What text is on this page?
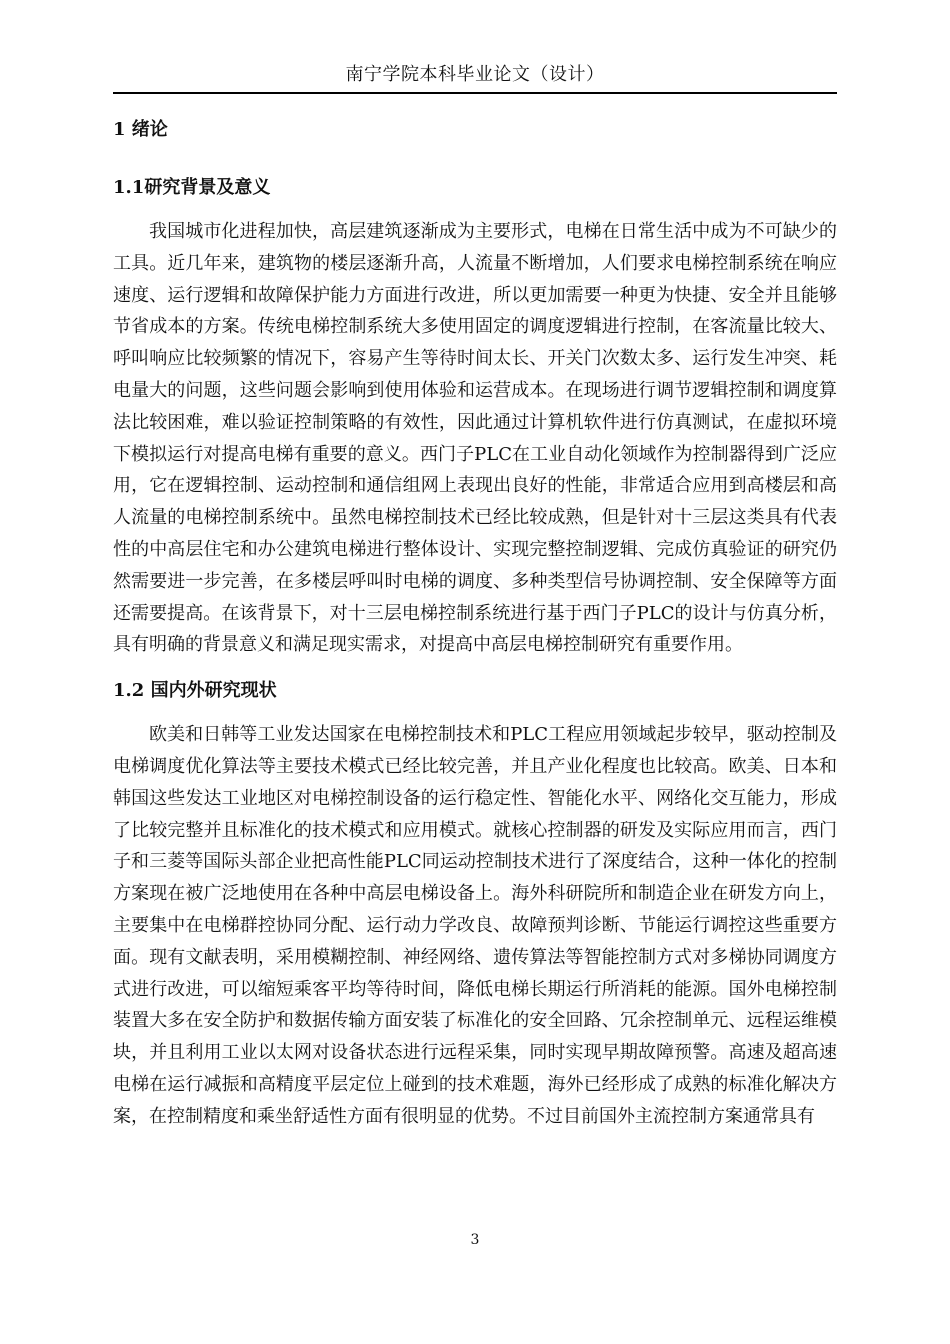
南宁学院本科毕业论文（设计）
1 绪论
1.1研究背景及意义

我国城市化进程加快，高层建筑逐渐成为主要形式，电梯在日常生活中成为不可缺少的工具。近几年来，建筑物的楼层逐渐升高，人流量不断增加，人们要求电梯控制系统在响应速度、运行逻辑和故障保护能力方面进行改进，所以更加需要一种更为快捷、安全并且能够节省成本的方案。传统电梯控制系统大多使用固定的调度逻辑进行控制，在客流量比较大、呼叫响应比较频繁的情况下，容易产生等待时间太长、开关门次数太多、运行发生冲突、耗电量大的问题，这些问题会影响到使用体验和运营成本。在现场进行调节逻辑控制和调度算法比较困难，难以验证控制策略的有效性，因此通过计算机软件进行仿真测试，在虚拟环境下模拟运行对提高电梯有重要的意义。西门子PLC在工业自动化领域作为控制器得到广泛应用，它在逻辑控制、运动控制和通信组网上表现出良好的性能，非常适合应用到高楼层和高人流量的电梯控制系统中。虽然电梯控制技术已经比较成熟，但是针对十三层这类具有代表性的中高层住宅和办公建筑电梯进行整体设计、实现完整控制逻辑、完成仿真验证的研究仍然需要进一步完善，在多楼层呼叫时电梯的调度、多种类型信号协调控制、安全保障等方面还需要提高。在该背景下，对十三层电梯控制系统进行基于西门子PLC的设计与仿真分析，具有明确的背景意义和满足现实需求，对提高中高层电梯控制研究有重要作用。

1.2 国内外研究现状

欧美和日韩等工业发达国家在电梯控制技术和PLC工程应用领域起步较早，驱动控制及电梯调度优化算法等主要技术模式已经比较完善，并且产业化程度也比较高。欧美、日本和韩国这些发达工业地区对电梯控制设备的运行稳定性、智能化水平、网络化交互能力，形成了比较完整并且标准化的技术模式和应用模式。就核心控制器的研发及实际应用而言，西门子和三菱等国际头部企业把高性能PLC同运动控制技术进行了深度结合，这种一体化的控制方案现在被广泛地使用在各种中高层电梯设备上。海外科研院所和制造企业在研发方向上，主要集中在电梯群控协同分配、运行动力学改良、故障预判诊断、节能运行调控这些重要方面。现有文献表明，采用模糊控制、神经网络、遗传算法等智能控制方式对多梯协同调度方式进行改进，可以缩短乘客平均等待时间，降低电梯长期运行所消耗的能源。国外电梯控制装置大多在安全防护和数据传输方面安装了标准化的安全回路、冗余控制单元、远程运维模块，并且利用工业以太网对设备状态进行远程采集，同时实现早期故障预警。高速及超高速电梯在运行减振和高精度平层定位上碰到的技术难题，海外已经形成了成熟的标准化解决方案，在控制精度和乘坐舒适性方面有很明显的优势。不过目前国外主流控制方案通常具有

3
